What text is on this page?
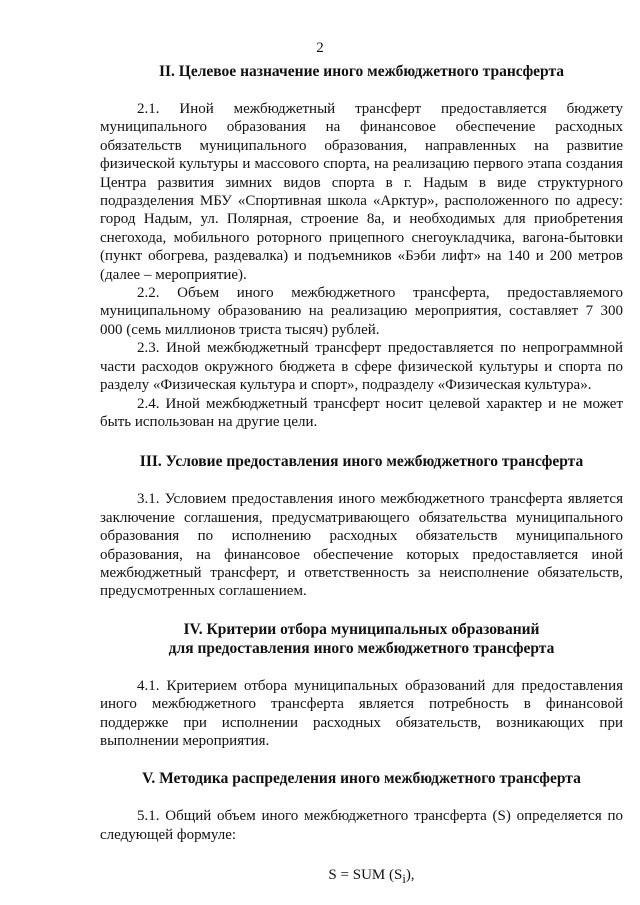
2
II. Целевое назначение иного межбюджетного трансферта

2.1. Иной межбюджетный трансферт предоставляется бюджету муниципального образования на финансовое обеспечение расходных обязательств муниципального образования, направленных на развитие физической культуры и массового спорта, на реализацию первого этапа создания Центра развития зимних видов спорта в г. Надым в виде структурного подразделения МБУ «Спортивная школа «Арктур», расположенного по адресу: город Надым, ул. Полярная, строение 8а, и необходимых для приобретения снегохода, мобильного роторного прицепного снегоукладчика, вагона-бытовки (пункт обогрева, раздевалка) и подъемников «Бэби лифт» на 140 и 200 метров (далее – мероприятие).

2.2. Объем иного межбюджетного трансферта, предоставляемого муниципальному образованию на реализацию мероприятия, составляет 7 300 000 (семь миллионов триста тысяч) рублей.

2.3. Иной межбюджетный трансферт предоставляется по непрограммной части расходов окружного бюджета в сфере физической культуры и спорта по разделу «Физическая культура и спорт», подразделу «Физическая культура».

2.4. Иной межбюджетный трансферт носит целевой характер и не может быть использован на другие цели.

III. Условие предоставления иного межбюджетного трансферта

3.1. Условием предоставления иного межбюджетного трансферта является заключение соглашения, предусматривающего обязательства муниципального образования по исполнению расходных обязательств муниципального образования, на финансовое обеспечение которых предоставляется иной межбюджетный трансферт, и ответственность за неисполнение обязательств, предусмотренных соглашением.

IV. Критерии отбора муниципальных образований
для предоставления иного межбюджетного трансферта

4.1. Критерием отбора муниципальных образований для предоставления иного межбюджетного трансферта является потребность в финансовой поддержке при исполнении расходных обязательств, возникающих при выполнении мероприятия.

V. Методика распределения иного межбюджетного трансферта

5.1. Общий объем иного межбюджетного трансферта (S) определяется по следующей формуле:

S = SUM $(S_i)$,
